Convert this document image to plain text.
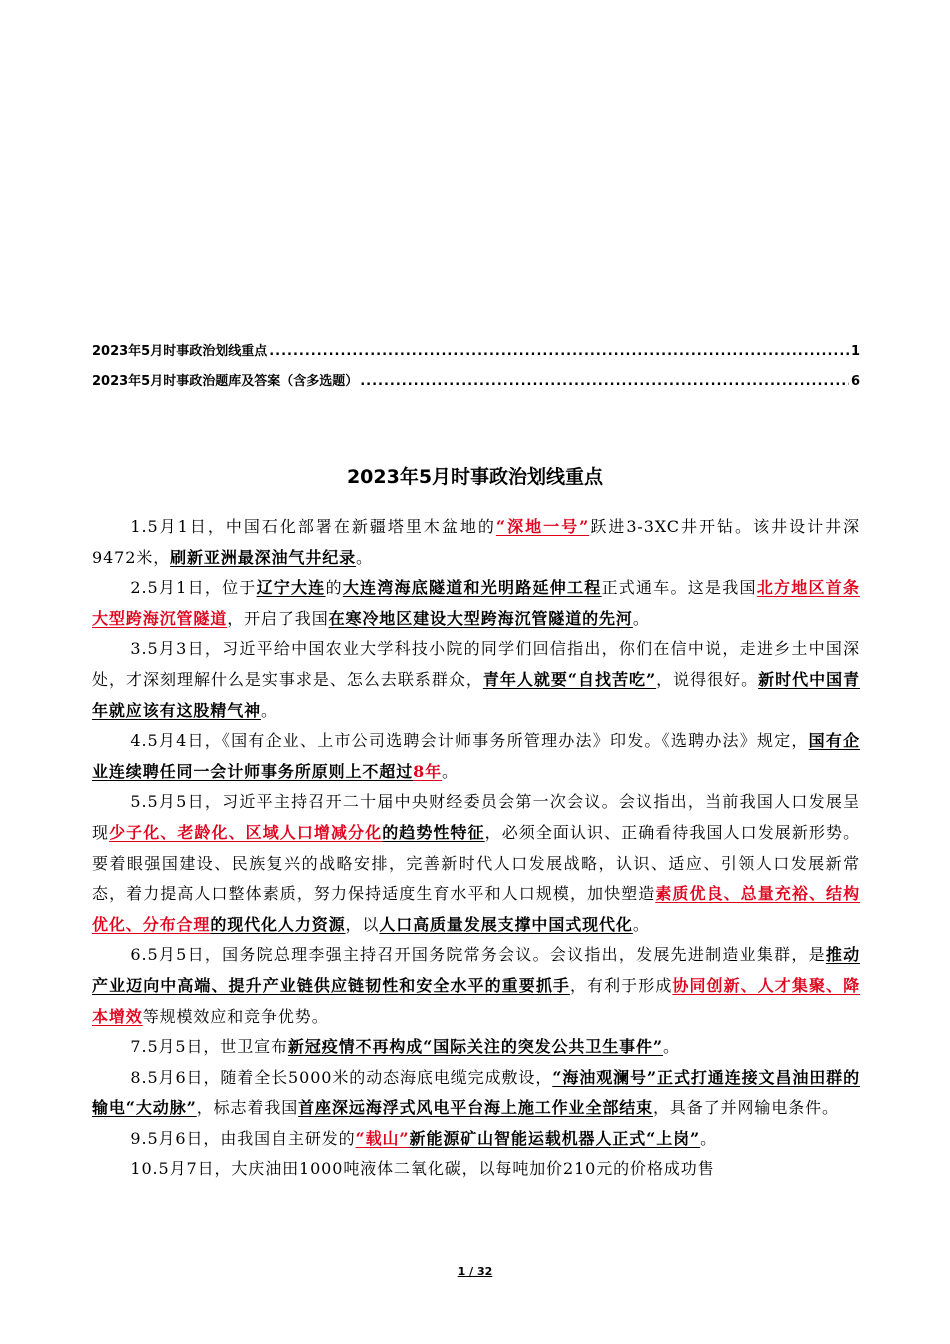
2023年5月时事政治划线重点 .....	1
2023年5月时事政治题库及答案（含多选题） .....	6
2023年5月时事政治划线重点

1.5月1日，中国石化部署在新疆塔里木盆地的“深地一号”跃进3-3XC井开钻。该井设计井深9472米，刷新亚洲最深油气井纪录。

2.5月1日，位于辽宁大连的大连湾海底隧道和光明路延伸工程正式通车。这是我国北方地区首条大型跨海沉管隧道，开启了我国在寒冷地区建设大型跨海沉管隧道的先河。

3.5月3日，习近平给中国农业大学科技小院的同学们回信指出，你们在信中说，走进乡土中国深处，才深刻理解什么是实事求是、怎么去联系群众，青年人就要“自找苦吃”，说得很好。新时代中国青年就应该有这股精气神。

4.5月4日，《国有企业、上市公司选聘会计师事务所管理办法》印发。《选聘办法》规定，国有企业连续聘任同一会计师事务所原则上不超过8年。

5.5月5日，习近平主持召开二十届中央财经委员会第一次会议。会议指出，当前我国人口发展呈现少子化、老龄化、区域人口增减分化的趋势性特征，必须全面认识、正确看待我国人口发展新形势。要着眼强国建设、民族复兴的战略安排，完善新时代人口发展战略，认识、适应、引领人口发展新常态，着力提高人口整体素质，努力保持适度生育水平和人口规模，加快塑造素质优良、总量充裕、结构优化、分布合理的现代化人力资源，以人口高质量发展支撑中国式现代化。

6.5月5日，国务院总理李强主持召开国务院常务会议。会议指出，发展先进制造业集群，是推动产业迈向中高端、提升产业链供应链韧性和安全水平的重要抓手，有利于形成协同创新、人才集聚、降本增效等规模效应和竞争优势。

7.5月5日，世卫宣布新冠疫情不再构成“国际关注的突发公共卫生事件”。

8.5月6日，随着全长5000米的动态海底电缆完成敷设，“海油观澜号”正式打通连接文昌油田群的输电“大动脉”，标志着我国首座深远海浮式风电平台海上施工作业全部结束，具备了并网输电条件。

9.5月6日，由我国自主研发的“载山”新能源矿山智能运载机器人正式“上岗”。

10.5月7日，大庆油田1000吨液体二氧化碳，以每吨加价210元的价格成功售

1 / 32
